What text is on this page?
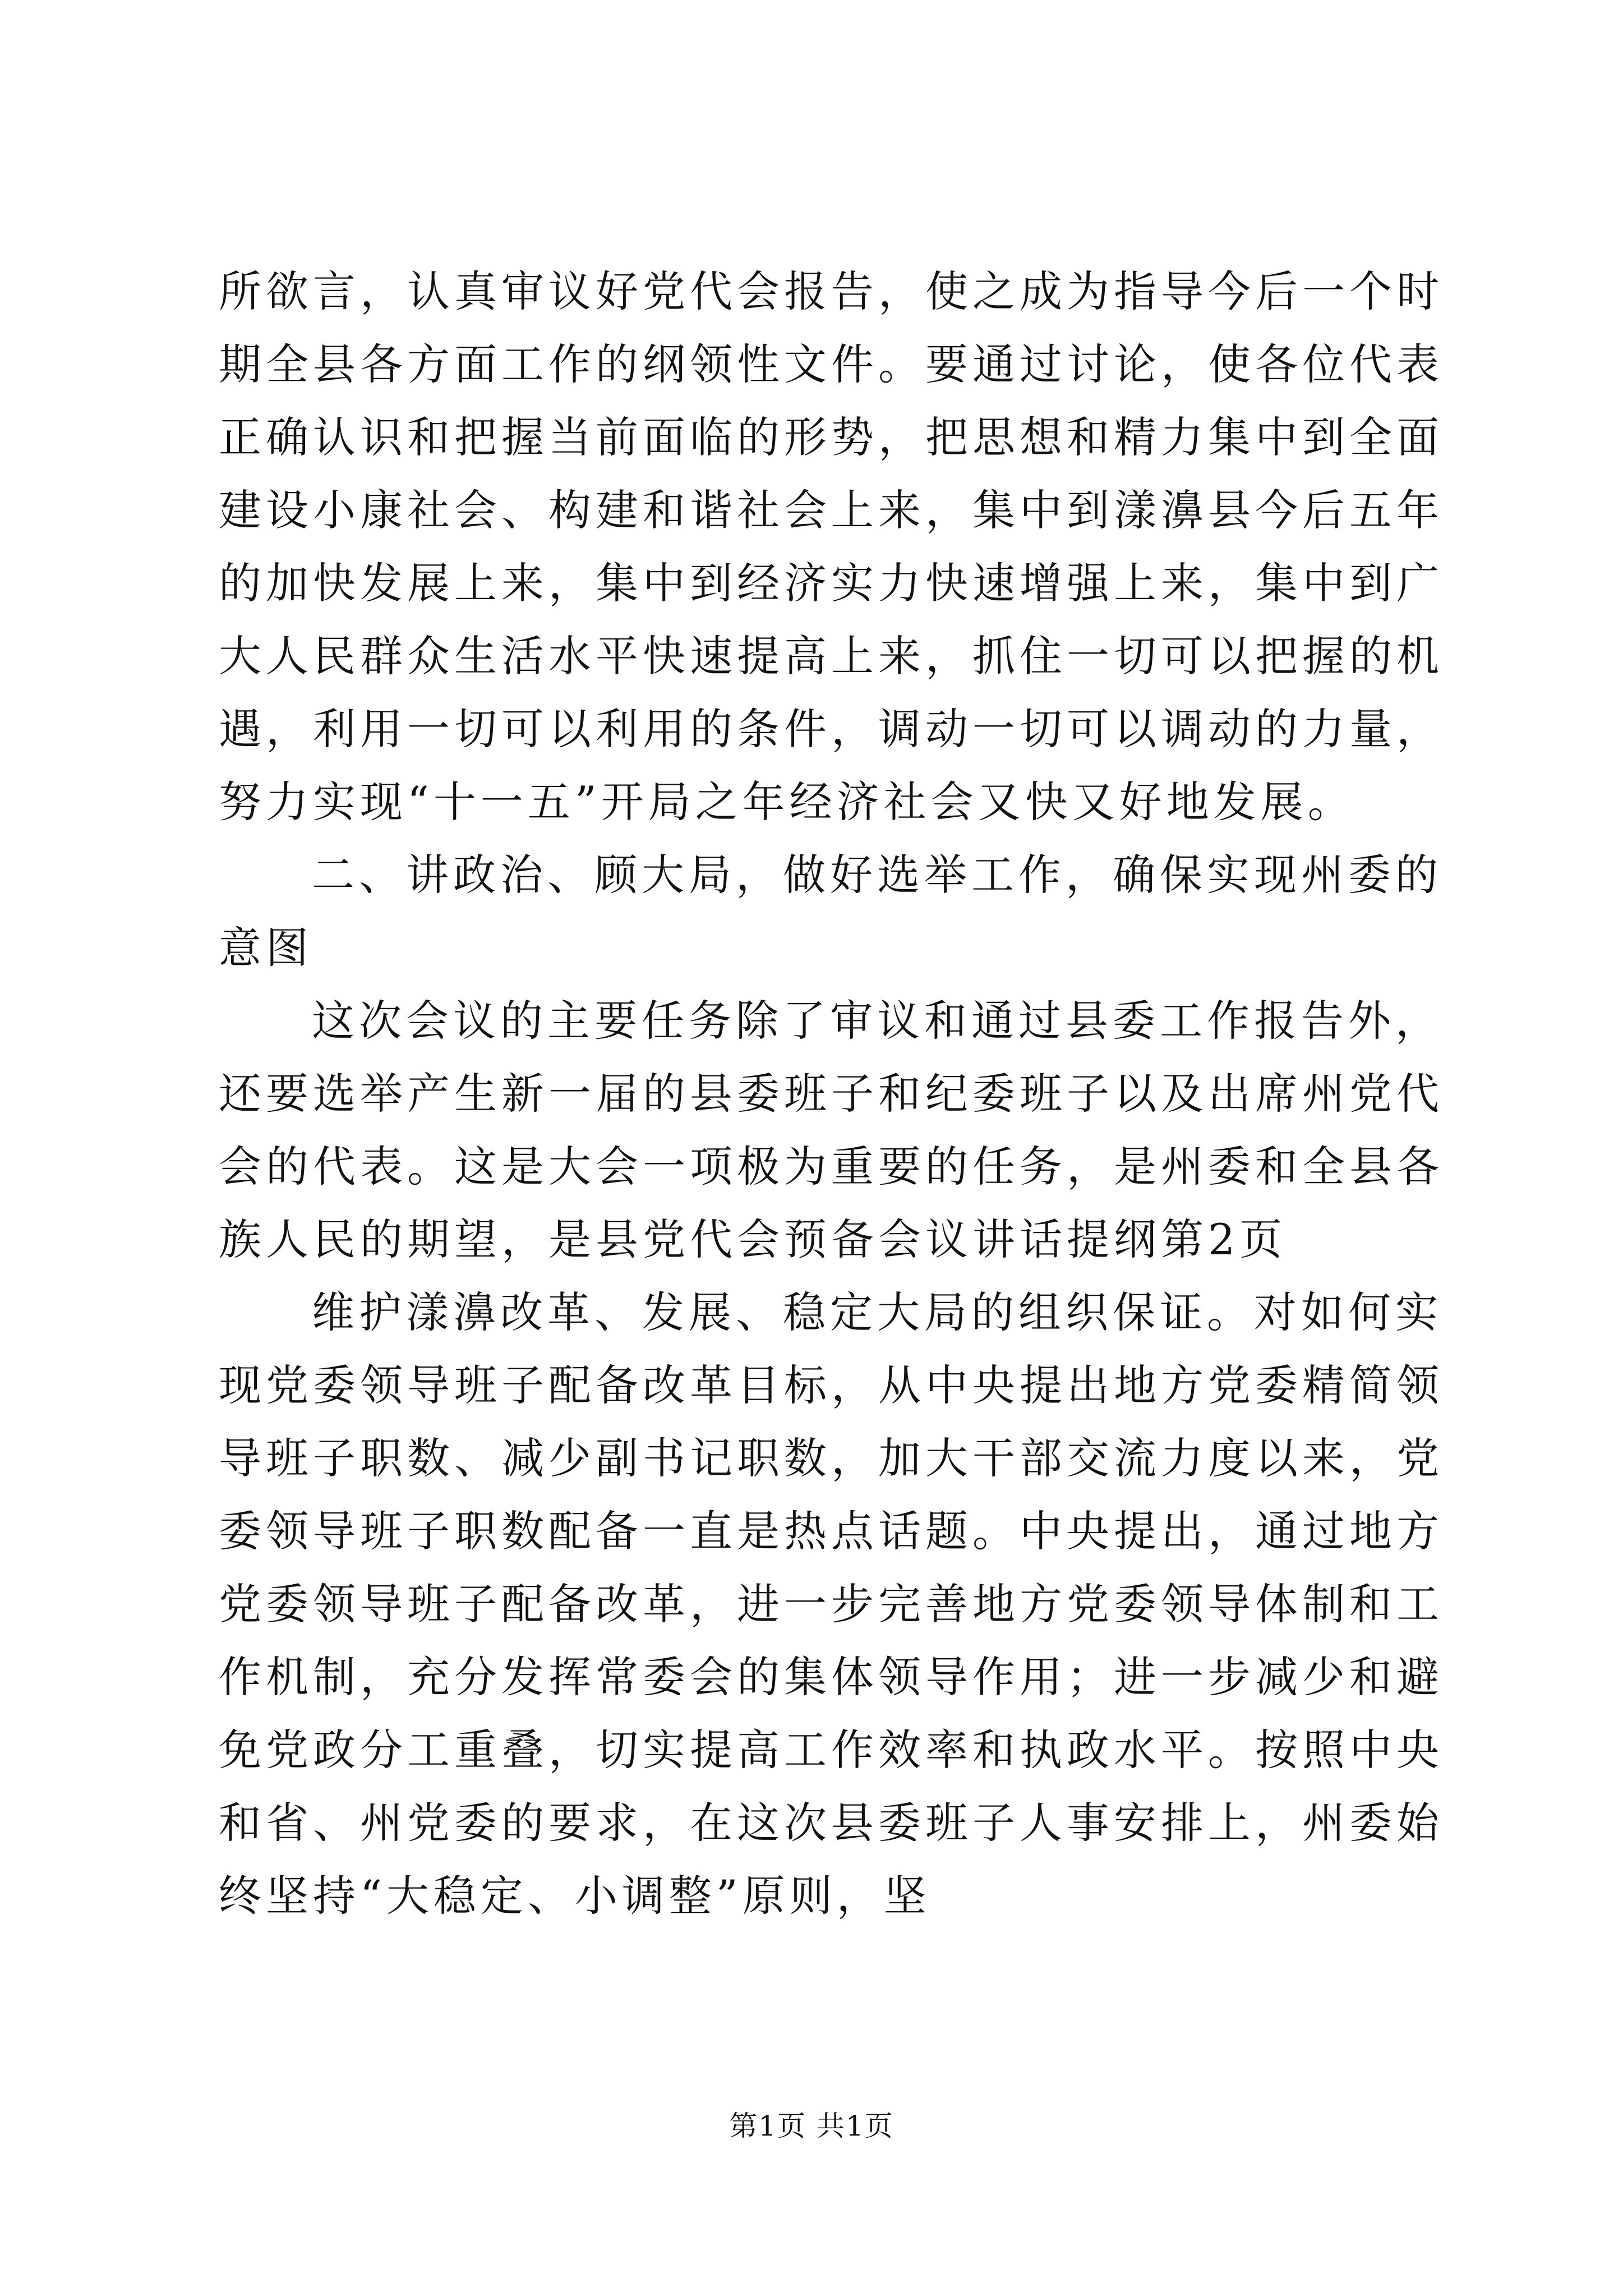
所欲言，认真审议好党代会报告，使之成为指导今后一个时期全县各方面工作的纲领性文件。要通过讨论，使各位代表正确认识和把握当前面临的形势，把思想和精力集中到全面建设小康社会、构建和谐社会上来，集中到漾濞县今后五年的加快发展上来，集中到经济实力快速增强上来，集中到广大人民群众生活水平快速提高上来，抓住一切可以把握的机遇，利用一切可以利用的条件，调动一切可以调动的力量，努力实现“十一五”开局之年经济社会又快又好地发展。

二、讲政治、顾大局，做好选举工作，确保实现州委的意图

这次会议的主要任务除了审议和通过县委工作报告外，还要选举产生新一届的县委班子和纪委班子以及出席州党代会的代表。这是大会一项极为重要的任务，是州委和全县各族人民的期望，是县党代会预备会议讲话提纲第2页

维护漾濞改革、发展、稳定大局的组织保证。对如何实现党委领导班子配备改革目标，从中央提出地方党委精简领导班子职数、减少副书记职数，加大干部交流力度以来，党委领导班子职数配备一直是热点话题。中央提出，通过地方党委领导班子配备改革，进一步完善地方党委领导体制和工作机制，充分发挥常委会的集体领导作用；进一步减少和避免党政分工重叠，切实提高工作效率和执政水平。按照中央和省、州党委的要求，在这次县委班子人事安排上，州委始终坚持“大稳定、小调整”原则，坚

第1页 共1页
